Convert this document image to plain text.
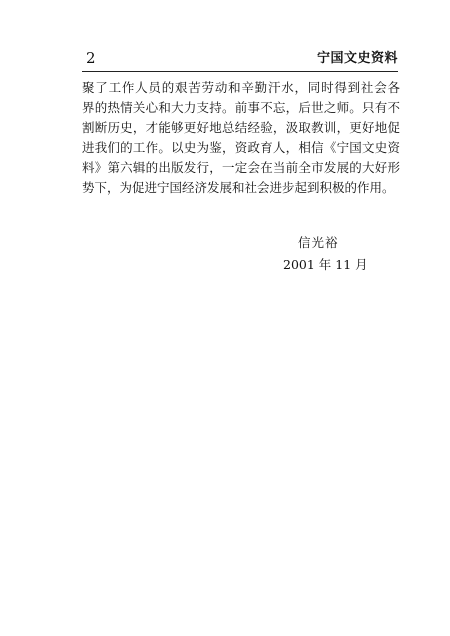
2	宁国文史资料

聚了工作人员的艰苦劳动和辛勤汗水，同时得到社会各
界的热情关心和大力支持。前事不忘，后世之师。只有不
割断历史，才能够更好地总结经验，汲取教训，更好地促
进我们的工作。以史为鉴，资政育人，相信《宁国文史资
料》第六辑的出版发行，一定会在当前全市发展的大好形
势下，为促进宁国经济发展和社会进步起到积极的作用。

信光裕
2001 年 11 月
